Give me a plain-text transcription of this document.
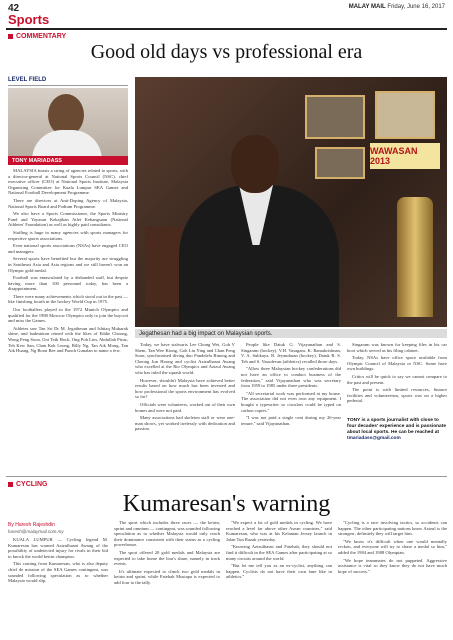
42
Sports
MALAY MAIL Friday, June 16, 2017
COMMENTARY
Good old days vs professional era
LEVEL FIELD
TONY MARIADASS

MALAYSIA boasts a string of agencies related to sports, with a director-general at National Sports Council (NSC), chief executive officer (CEO) at National Sports Institute, Malaysia Organising Committee for Kuala Lumpur SEA Games and National Football Development Programme.

There are directors at Anti-Doping Agency of Malaysia, National Sports Board and Podium Programme.

We also have a Sports Commissioner, the Sports Ministry Fund and Yayasan Kebajikan Atlet Kebangsaan (National Athletes' Foundation) as well as highly paid consultants.

Staffing is huge in many agencies with sports managers for respective sports associations.

Even national sports associations (NSAs) have engaged CEO and managers.

Several sports have benefited but the majority are struggling in Southeast Asia and Asia regions and we still haven't won an Olympic gold medal.

Football was emasculated by a disbanded staff, but despite having more than 100 personnel today, has been a disappointment.

There were many achievements which stood out in the past — like finishing fourth in the hockey World Cup in 1975.

Our footballers played in the 1972 Munich Olympics and qualified for the 1980 Moscow Olympics only to join the boycott and miss the Games.

Athletes saw Tan Sri Dr M. Jegathesan and Ishtiaq Mubarak shine, and badminton reined with the likes of Eddie Choong, Wong Peng Soon, Ooi Teik Hock, Ong Poh Lim, Abdullah Piruz, Teh Kew San, Chan Kok Leong, Billy Ng, Tan Aik Mong, Tan Aik Huang, Ng Boon Bee and Punch Gunalan to name a few.

WAWASAN 2013
Jegathesan had a big impact on Malaysian sports.

Today, we have stalwarts Lee Chong Wei, Goh V Shem, Tan Wee Kiong, Goh Liu Ying and Chan Peng Soon, synchronised diving duo Pandelela Rinong and Cheong Jun Hoong and cyclist Azizulhasni Awang who excelled at the Rio Olympics and Azizul Awang who has ruled the squash world.

However, shouldn't Malaysia have achieved better results based on how much has been invested and how professional the sports environment has evolved so far?

Officials were volunteers, worked out of their own homes and were not paid.

Many associations had skeleton staff or were one-man shows, yet worked tirelessly with dedication and passion.

People like Datuk G. Vijayanathan and S. Singaram (hockey), V.H. Vasagam, K. Ramakrishnan, V. A. Subkaya, R. Jeyandaran (hockey), Datuk R. S. Teh and S. Vasudevan (athletics) recalled those days.

"Allow three Malaysian hockey confederations did not have an office to conduct business of the federation," said Vijayanathan who was secretary from 1959 to 1985 under three presidents.

"All secretarial work was performed at my house. The association did not even own any equipment. I bought a typewriter so circulars could be typed on carbon copies."

"I was not paid a single cent during my 26-year tenure," said Vijayanathan.

Singaram was known for keeping files in his car boot which served as his filing cabinet.

Today, NSAs have office space available from Olympic Council of Malaysia or NSC. Some have own buildings.

Critics will be quick to say we cannot compare to the past and present.

The point is with limited resources, finance facilities and volunteerism, sports was on a higher pedestal.

TONY is a sports journalist with close to four decades' experience and is passionate about local sports. He can be reached at tmariadass@gmail.com
CYCLING
Kumaresan's warning
By Haresh Rajeshdin
haresh@malaymail.com.my

KUALA LUMPUR — Cycling legend M. Kumaresan has warned Azizulhasni Awang of the possibility of undetected injury for rivals in their bid to knock the world keirin champion.

This coming from Kumaresan, who is also deputy chief de mission of the SEA Games contingent, was sounded following speculation as to whether Malaysia would slip.

The sport which includes three races — the keirin, sprint and omnium — contingent, was sounded following speculation as to whether Malaysia would only reach their dominance consistent with their status as a cycling powerhouse.

The sport offered 20 gold medals and Malaysia are expected to take home the lion's share, namely in track events.

It's ultimate expected to clinch two gold medals in keirin and sprint, while Fatehah Mustapa is expected to add four to the tally.

"We expect a lot of gold medals in cycling. We have reached a level far above other Asean countries," said Kumaresan, who was at his Kelantan Jersey launch in Jalan Tun Razak yesterday.

"Knowing Azizulhasni and Fatehah, they should not find it difficult in the SEA Games after participating at so many circuits around the world.

"But let me tell you as an ex-cyclist, anything can happen. Cyclists do not have their own lane like in athletics."

"Cycling is a race involving tactics, so accidents can happen. The other participating nations know Azizul is the strongest, definitely they will target him.

"We know it's difficult when one would mentally reckon, and everyone will try to chase a medal so him," added the 1984 and 1988 Olympian.

"We hope teammates do not puppeted. Aggressive assistance is vital so they know they do not have much hope of success."
